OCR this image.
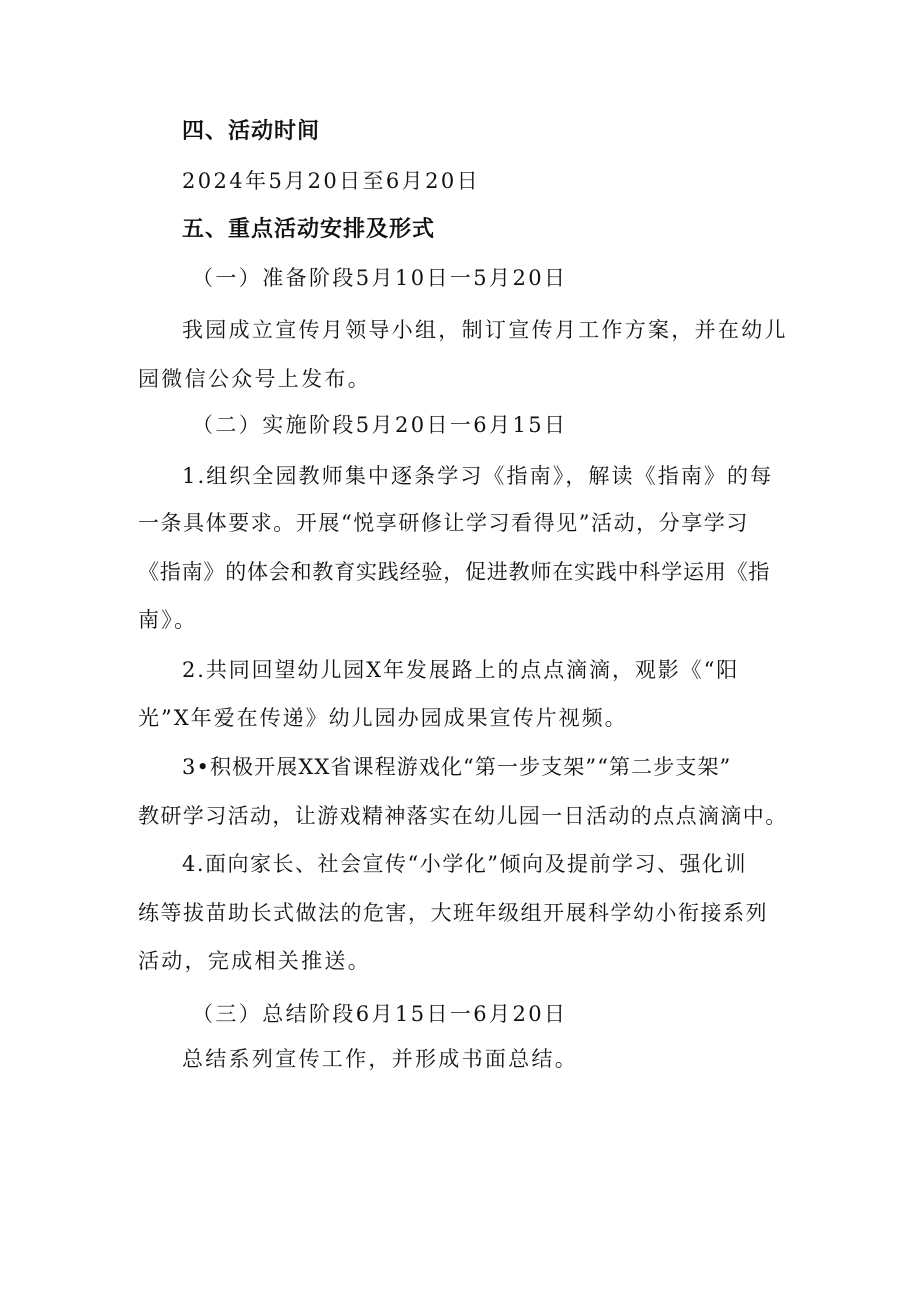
四、活动时间

2024年5月20日至6月20日

五、重点活动安排及形式

（一）准备阶段5月10日一5月20日

我园成立宣传月领导小组，制订宣传月工作方案，并在幼儿

园微信公众号上发布。

（二）实施阶段5月20日一6月15日

1.组织全园教师集中逐条学习《指南》，解读《指南》的每

一条具体要求。开展“悦享研修让学习看得见”活动，分享学习

《指南》的体会和教育实践经验，促进教师在实践中科学运用《指

南》。

2.共同回望幼儿园X年发展路上的点点滴滴，观影《“阳

光”X年爱在传递》幼儿园办园成果宣传片视频。

3•积极开展XX省课程游戏化“第一步支架”“第二步支架”

教研学习活动，让游戏精神落实在幼儿园一日活动的点点滴滴中。

4.面向家长、社会宣传“小学化”倾向及提前学习、强化训

练等拔苗助长式做法的危害，大班年级组开展科学幼小衔接系列

活动，完成相关推送。

（三）总结阶段6月15日一6月20日

总结系列宣传工作，并形成书面总结。
